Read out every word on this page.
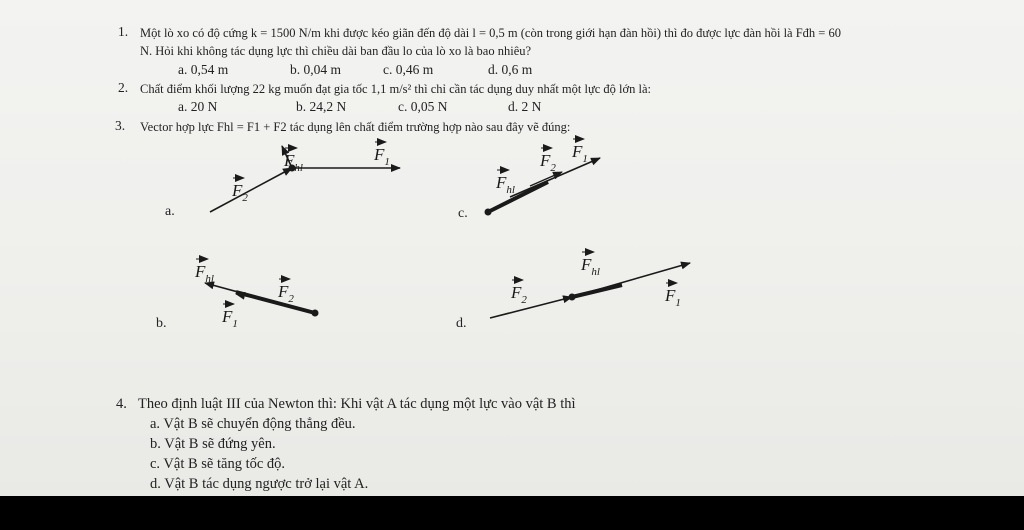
1. Một lò xo có độ cứng k = 1500 N/m khi được kéo giãn đến độ dài l = 0,5 m (còn trong giới hạn đàn hồi) thì đo được lực đàn hồi là Fđh = 60
N. Hỏi khi không tác dụng lực thì chiều dài ban đầu lo của lò xo là bao nhiêu?
a. 0,54 m	b. 0,04 m	c. 0,46 m	d. 0,6 m
2. Chất điểm khối lượng 22 kg muốn đạt gia tốc 1,1 m/s² thì chỉ cần tác dụng duy nhất một lực độ lớn là:
a. 20 N	b. 24,2 N	c. 0,05 N	d. 2 N
3. Vector hợp lực Fhl = F1 + F2 tác dụng lên chất điểm trường hợp nào sau đây vẽ đúng:
a.
b.
c.
d.
$F_{hl}$
$F_1$
$F_2$
$F_{hl}$
$F_2$
$F_1$
$F_{hl}$
$F_2$
$F_1$
$F_{hl}$
$F_2$	$F_1$
4. Theo định luật III của Newton thì: Khi vật A tác dụng một lực vào vật B thì
a. Vật B sẽ chuyển động thẳng đều.
b. Vật B sẽ đứng yên.
c. Vật B sẽ tăng tốc độ.
d. Vật B tác dụng ngược trở lại vật A.
